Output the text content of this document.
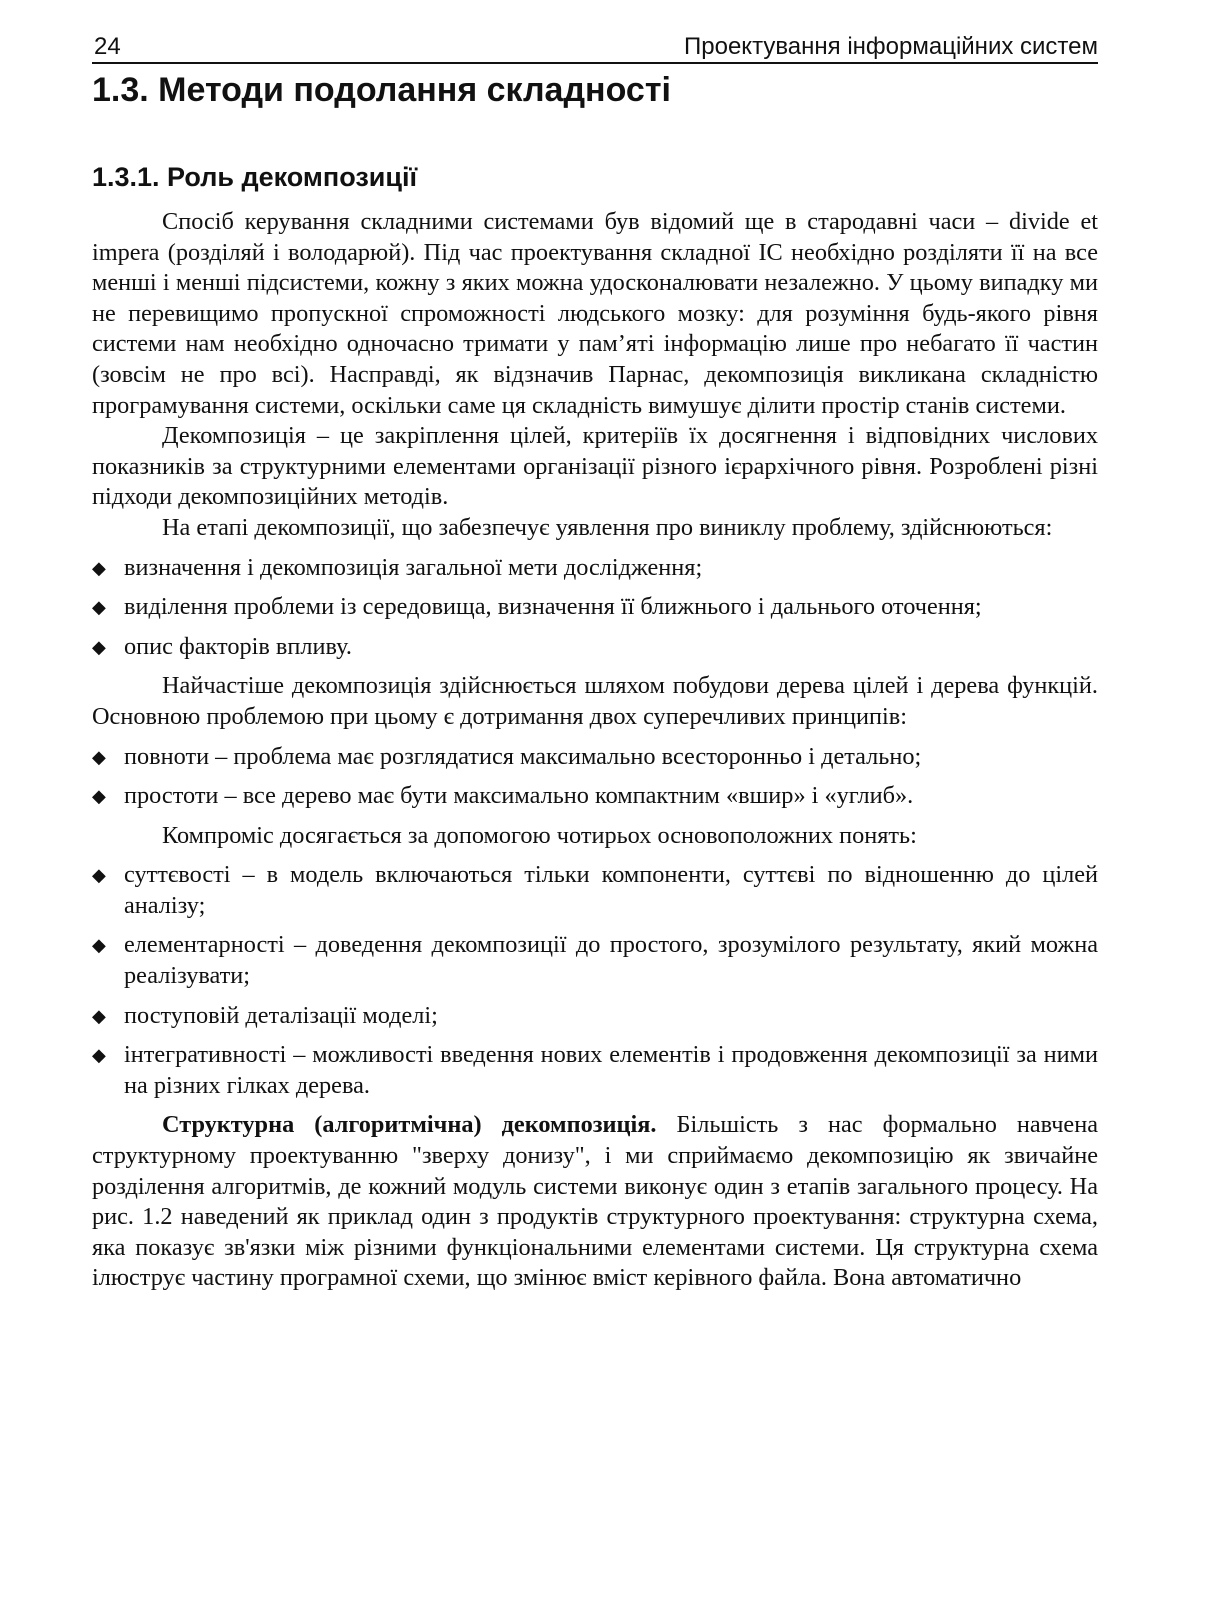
24	Проектування інформаційних систем
1.3. Методи подолання складності
1.3.1. Роль декомпозиції

Спосіб керування складними системами був відомий ще в стародавні часи – divide et impera (розділяй і володарюй). Під час проектування складної ІС необхідно розділяти її на все менші і менші підсистеми, кожну з яких можна удосконалювати незалежно. У цьому випадку ми не перевищимо пропускної спроможності людського мозку: для розуміння будь-якого рівня системи нам необхідно одночасно тримати у пам’яті інформацію лише про небагато її частин (зовсім не про всі). Насправді, як відзначив Парнас, декомпозиція викликана складністю програмування системи, оскільки саме ця складність вимушує ділити простір станів системи.

Декомпозиція – це закріплення цілей, критеріїв їх досягнення і відповідних числових показників за структурними елементами організації різного ієрархічного рівня. Розроблені різні підходи декомпозиційних методів.

На етапі декомпозиції, що забезпечує уявлення про виниклу проблему, здійснюються:

◆ визначення і декомпозиція загальної мети дослідження;
◆ виділення проблеми із середовища, визначення її ближнього і дальнього оточення;
◆ опис факторів впливу.

Найчастіше декомпозиція здійснюється шляхом побудови дерева цілей і дерева функцій. Основною проблемою при цьому є дотримання двох суперечливих принципів:

◆ повноти – проблема має розглядатися максимально всесторонньо і детально;
◆ простоти – все дерево має бути максимально компактним «вшир» і «углиб».

Компроміс досягається за допомогою чотирьох основоположних понять:

◆ суттєвості – в модель включаються тільки компоненти, суттєві по відношенню до цілей аналізу;
◆ елементарності – доведення декомпозиції до простого, зрозумілого результату, який можна реалізувати;
◆ поступовій деталізації моделі;
◆ інтегративності – можливості введення нових елементів і продовження декомпозиції за ними на різних гілках дерева.

Структурна (алгоритмічна) декомпозиція. Більшість з нас формально навчена структурному проектуванню "зверху донизу", і ми сприймаємо декомпозицію як звичайне розділення алгоритмів, де кожний модуль системи виконує один з етапів загального процесу. На рис. 1.2 наведений як приклад один з продуктів структурного проектування: структурна схема, яка показує зв'язки між різними функціональними елементами системи. Ця структурна схема ілюструє частину програмної схеми, що змінює вміст керівного файла. Вона автоматично
